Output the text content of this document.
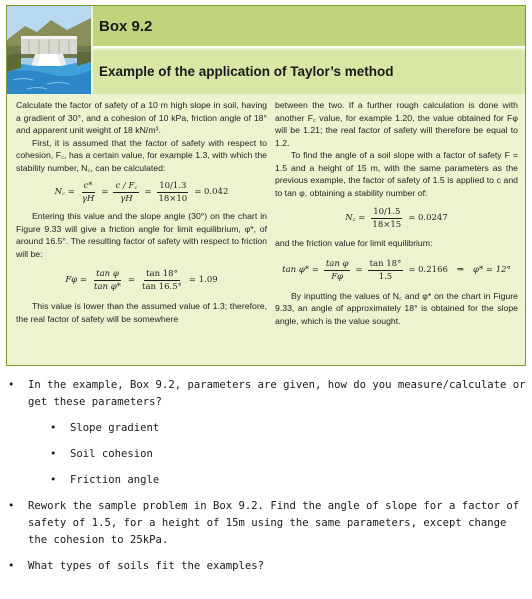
Box 9.2
Example of the application of Taylor’s method

Calculate the factor of safety of a 10 m high slope in soil, having a gradient of 30°, and a cohesion of 10 kPa, friction angle of 18° and apparent unit weight of 18 kN/m³.

First, it is assumed that the factor of safety with respect to cohesion, F꜀, has a certain value, for example 1.3, with which the stability number, N꜀, can be calculated:

N꜀ = $\frac{c*}{\gamma H} = \frac{c / F꜀}{\gamma H} = \frac{10/1.3}{18\times 10} = 0.042$

Entering this value and the slope angle (30°) on the chart in Figure 9.33 will give a friction angle for limit equilibrium, φ*, of around 16.5°. The resulting factor of safety with respect to friction will be:

$F\varphi = \frac{\text{tan φ}}{\text{tan φ*}} = \frac{\tan 18^\circ}{\tan 16.5^\circ} = 1.09$

This value is lower than the assumed value of 1.3; therefore, the real factor of safety will be somewhere

between the two. If a further rough calculation is done with another F꜀ value, for example 1.20, the value obtained for Fφ will be 1.21; the real factor of safety will therefore be equal to 1.2.

To find the angle of a soil slope with a factor of safety F = 1.5 and a height of 15 m, with the same parameters as the previous example, the factor of safety of 1.5 is applied to c and to tan φ, obtaining a stability number of:

N꜀ = $\frac{10/1.5}{18\times 15} = 0.0247$

and the friction value for limit equilibrium:

$\tan \varphi* = \frac{\text{tan φ}}{F\varphi} = \frac{\tan 18^\circ}{1.5} = 0.2166$ ⇒ φ* = 12°

By inputting the values of N꜀ and φ* on the chart in Figure 9.33, an angle of approximately 18° is obtained for the slope angle, which is the value sought.

• In the example, Box 9.2, parameters are given, how do you measure/calculate or get these parameters?
• Slope gradient
• Soil cohesion
• Friction angle
• Rework the sample problem in Box 9.2. Find the angle of slope for a factor of safety of 1.5, for a height of 15m using the same parameters, except change the cohesion to 25kPa.
• What types of soils fit the examples?
